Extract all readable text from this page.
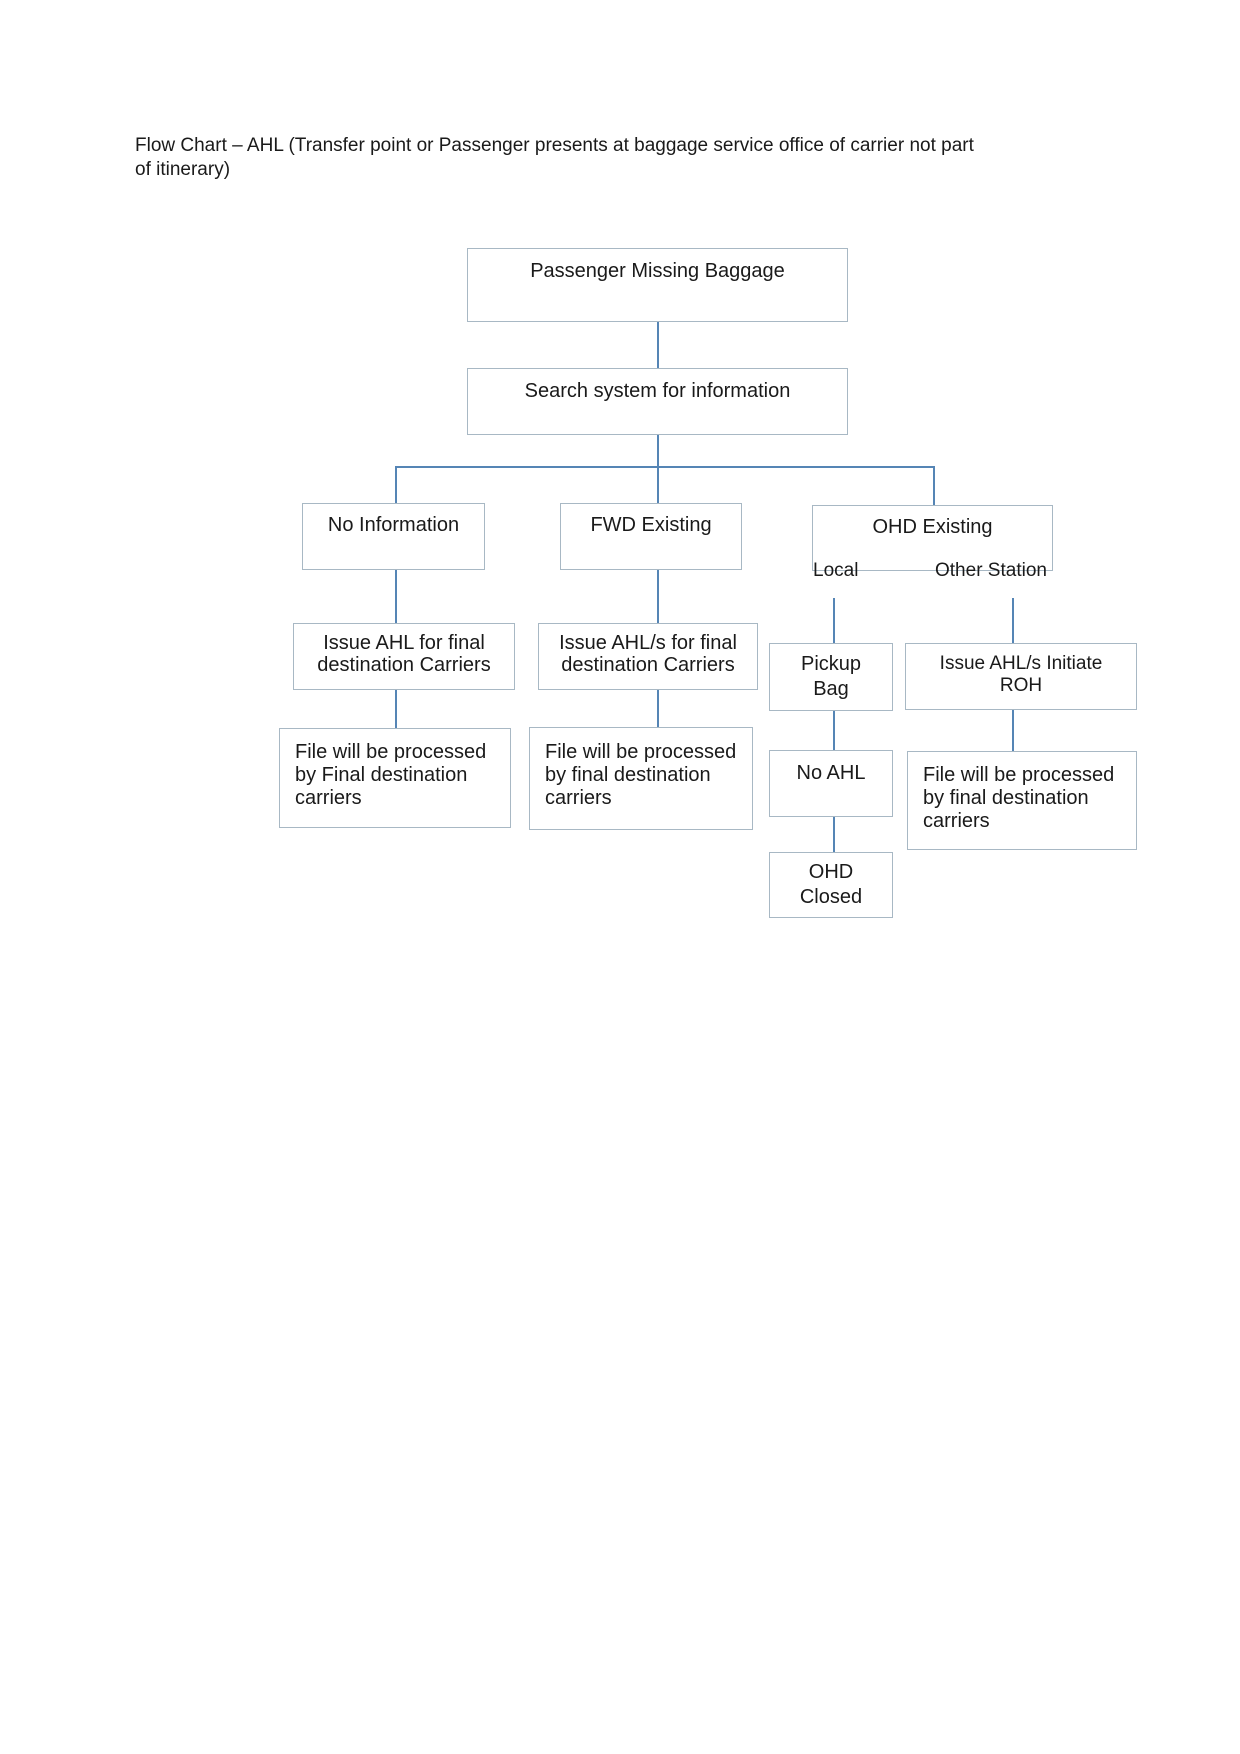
Flow Chart – AHL (Transfer point or Passenger presents at baggage service office of carrier not part
of itinerary)
Passenger Missing Baggage
Search system for information
No Information	FWD Existing	OHD Existing
Local	Other Station
Issue AHL for final
destination Carriers
Issue AHL/s for final
destination Carriers	Pickup
Bag
Issue AHL/s Initiate
ROH
File will be processed
by Final destination
carriers
File will be processed
by final destination
carriers
No AHL	File will be processed
by final destination
carriers
OHD
Closed
